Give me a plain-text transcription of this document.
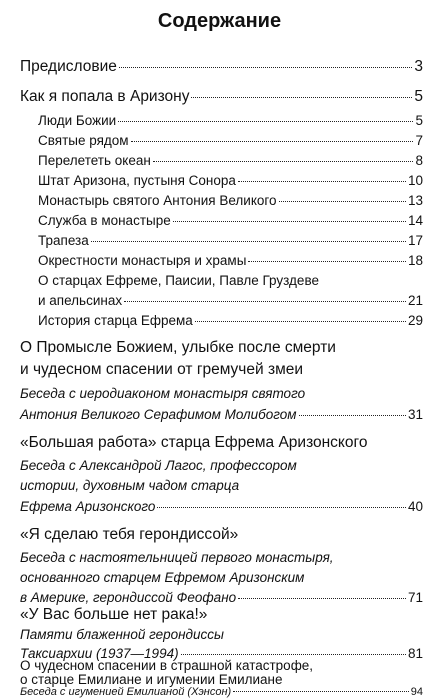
Содержание
Предисловие	3
Как я попала в Аризону	5
Люди Божии	5
Святые рядом	7
Перелететь океан	8
Штат Аризона, пустыня Сонора	10
Монастырь святого Антония Великого	13
Служба в монастыре	14
Трапеза	17
Окрестности монастыря и храмы	18
О старцах Ефреме, Паисии, Павле Груздеве
и апельсинах	21
История старца Ефрема	29
О Промысле Божием, улыбке после смерти
и чудесном спасении от гремучей змеи
Беседа с иеродиаконом монастыря святого
Антония Великого Серафимом Молибогом	31
«Большая работа» старца Ефрема Аризонского
Беседа с Александрой Лагос, профессором
истории, духовным чадом старца
Ефрема Аризонского	40
«Я сделаю тебя герондиссой»
Беседа с настоятельницей первого монастыря,
основанного старцем Ефремом Аризонским
в Америке, герондиссой Феофано	71
«У Вас больше нет рака!»
Памяти блаженной герондиссы
Таксиархии (1937—1994)	81
О чудесном спасении в страшной катастрофе,
о старце Емилиане и игумении Емилиане
Беседа с игуменией Емилианой (Хэнсон)	94
